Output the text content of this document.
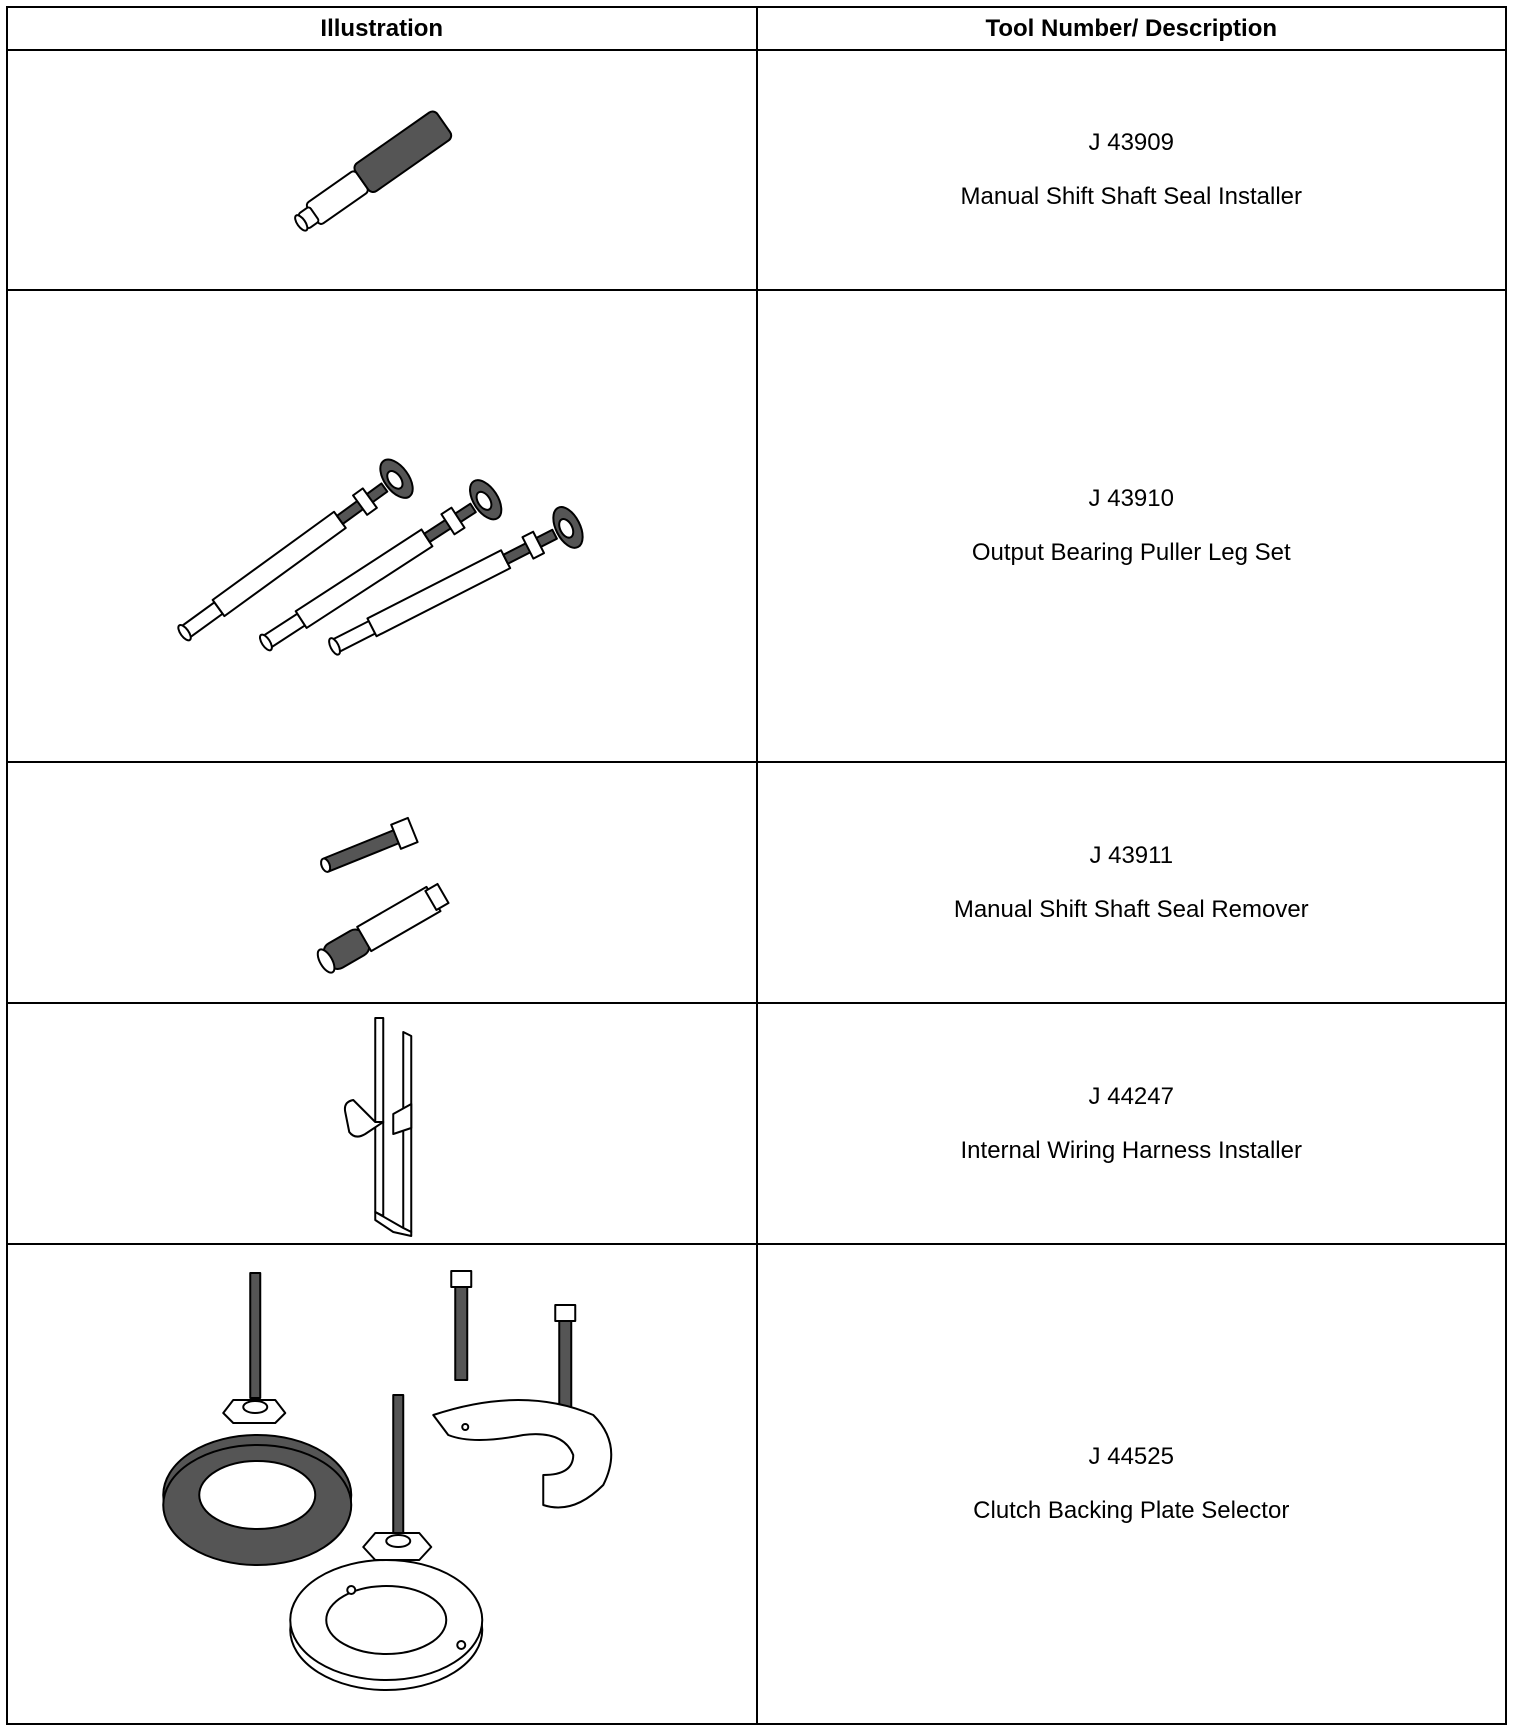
Illustration	Tool Number/ Description

J 43909
Manual Shift Shaft Seal Installer

J 43910
Output Bearing Puller Leg Set

J 43911
Manual Shift Shaft Seal Remover

J 44247
Internal Wiring Harness Installer

J 44525
Clutch Backing Plate Selector
